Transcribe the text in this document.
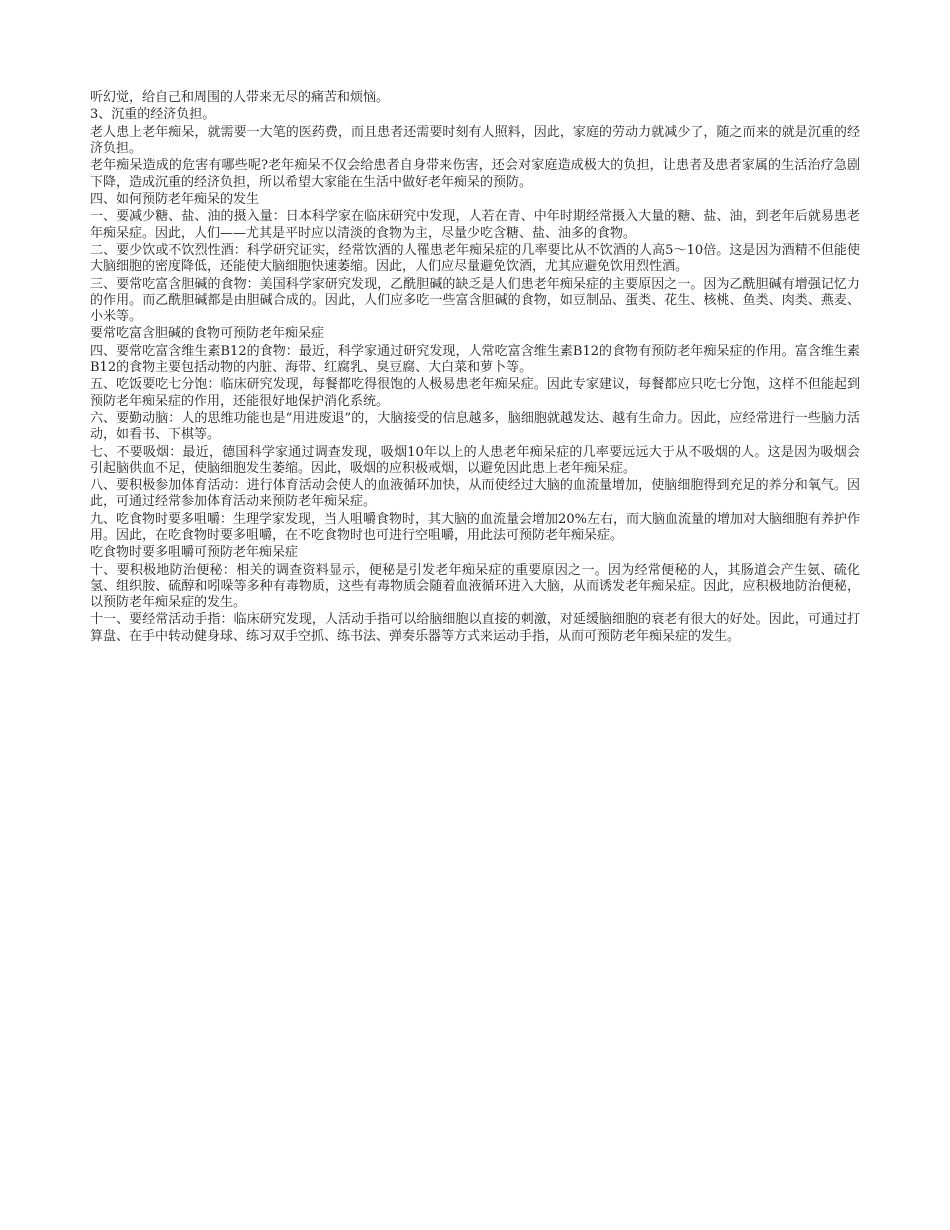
听幻觉，给自己和周围的人带来无尽的痛苦和烦恼。

3、沉重的经济负担。

老人患上老年痴呆，就需要一大笔的医药费，而且患者还需要时刻有人照料，因此，家庭的劳动力就减少了，随之而来的就是沉重的经济负担。

老年痴呆造成的危害有哪些呢?老年痴呆不仅会给患者自身带来伤害，还会对家庭造成极大的负担，让患者及患者家属的生活治疗急剧下降，造成沉重的经济负担，所以希望大家能在生活中做好老年痴呆的预防。

四、如何预防老年痴呆的发生

一、要减少糖、盐、油的摄入量：日本科学家在临床研究中发现，人若在青、中年时期经常摄入大量的糖、盐、油，到老年后就易患老年痴呆症。因此，人们——尤其是平时应以清淡的食物为主，尽量少吃含糖、盐、油多的食物。

二、要少饮或不饮烈性酒：科学研究证实，经常饮酒的人罹患老年痴呆症的几率要比从不饮酒的人高5～10倍。这是因为酒精不但能使大脑细胞的密度降低，还能使大脑细胞快速萎缩。因此，人们应尽量避免饮酒，尤其应避免饮用烈性酒。

三、要常吃富含胆碱的食物：美国科学家研究发现，乙酰胆碱的缺乏是人们患老年痴呆症的主要原因之一。因为乙酰胆碱有增强记忆力的作用。而乙酰胆碱都是由胆碱合成的。因此，人们应多吃一些富含胆碱的食物，如豆制品、蛋类、花生、核桃、鱼类、肉类、燕麦、小米等。

要常吃富含胆碱的食物可预防老年痴呆症

四、要常吃富含维生素B12的食物：最近，科学家通过研究发现，人常吃富含维生素B12的食物有预防老年痴呆症的作用。富含维生素B12的食物主要包括动物的内脏、海带、红腐乳、臭豆腐、大白菜和萝卜等。

五、吃饭要吃七分饱：临床研究发现，每餐都吃得很饱的人极易患老年痴呆症。因此专家建议，每餐都应只吃七分饱，这样不但能起到预防老年痴呆症的作用，还能很好地保护消化系统。

六、要勤动脑：人的思维功能也是“用进废退”的，大脑接受的信息越多，脑细胞就越发达、越有生命力。因此，应经常进行一些脑力活动，如看书、下棋等。

七、不要吸烟：最近，德国科学家通过调查发现，吸烟10年以上的人患老年痴呆症的几率要远远大于从不吸烟的人。这是因为吸烟会引起脑供血不足，使脑细胞发生萎缩。因此，吸烟的应积极戒烟，以避免因此患上老年痴呆症。

八、要积极参加体育活动：进行体育活动会使人的血液循环加快，从而使经过大脑的血流量增加，使脑细胞得到充足的养分和氧气。因此，可通过经常参加体育活动来预防老年痴呆症。

九、吃食物时要多咀嚼：生理学家发现，当人咀嚼食物时，其大脑的血流量会增加20%左右，而大脑血流量的增加对大脑细胞有养护作用。因此，在吃食物时要多咀嚼，在不吃食物时也可进行空咀嚼，用此法可预防老年痴呆症。

吃食物时要多咀嚼可预防老年痴呆症

十、要积极地防治便秘：相关的调查资料显示，便秘是引发老年痴呆症的重要原因之一。因为经常便秘的人，其肠道会产生氨、硫化氢、组织胺、硫醇和吲哚等多种有毒物质，这些有毒物质会随着血液循环进入大脑，从而诱发老年痴呆症。因此，应积极地防治便秘，以预防老年痴呆症的发生。

十一、要经常活动手指：临床研究发现，人活动手指可以给脑细胞以直接的刺激，对延缓脑细胞的衰老有很大的好处。因此，可通过打算盘、在手中转动健身球、练习双手空抓、练书法、弹奏乐器等方式来运动手指，从而可预防老年痴呆症的发生。
